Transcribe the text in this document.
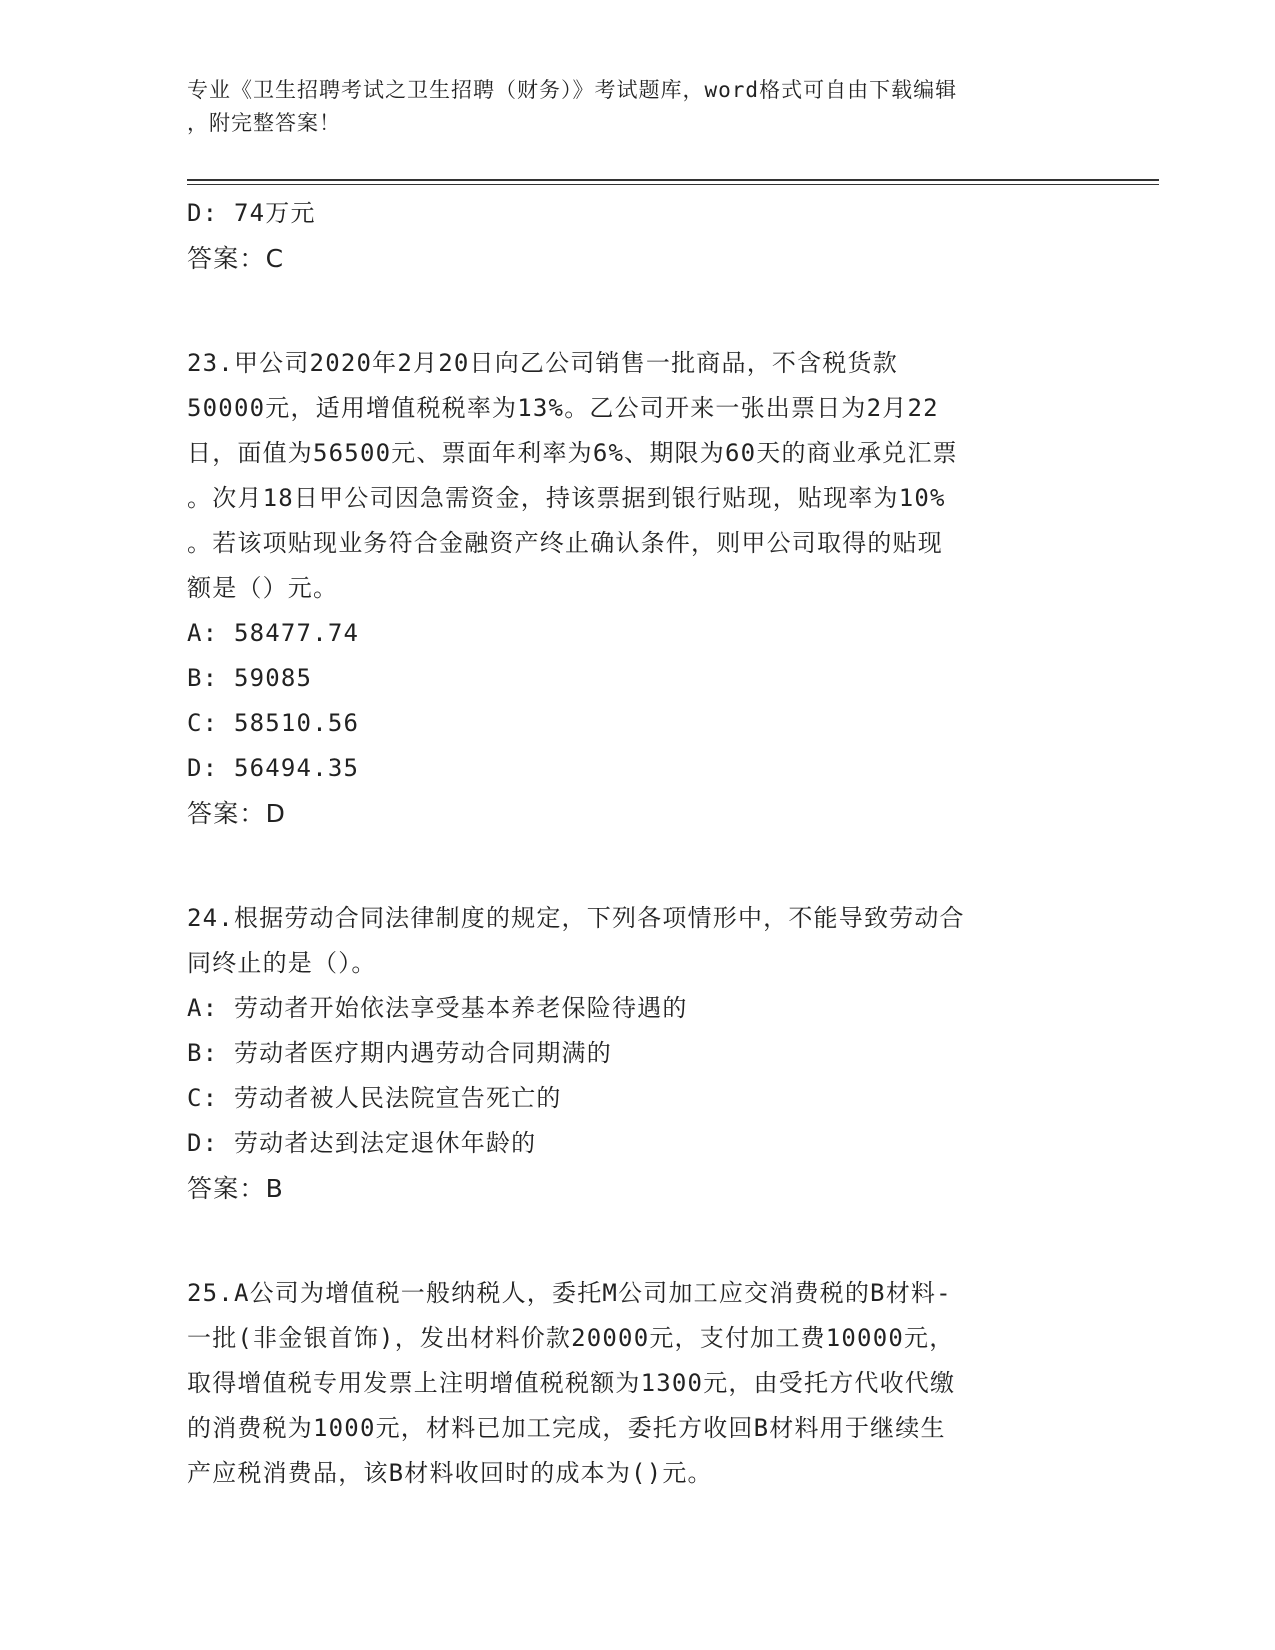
专业《卫生招聘考试之卫生招聘（财务）》考试题库，word格式可自由下载编辑
，附完整答案！
D: 74万元
答案：C
23.甲公司2020年2月20日向乙公司销售一批商品，不含税货款
50000元，适用增值税税率为13%。乙公司开来一张出票日为2月22
日，面值为56500元、票面年利率为6%、期限为60天的商业承兑汇票
。次月18日甲公司因急需资金，持该票据到银行贴现，贴现率为10%
。若该项贴现业务符合金融资产终止确认条件，则甲公司取得的贴现
额是（）元。
A: 58477.74
B: 59085
C: 58510.56
D: 56494.35
答案：D
24.根据劳动合同法律制度的规定，下列各项情形中，不能导致劳动合
同终止的是（）。
A: 劳动者开始依法享受基本养老保险待遇的
B: 劳动者医疗期内遇劳动合同期满的
C: 劳动者被人民法院宣告死亡的
D: 劳动者达到法定退休年龄的
答案：B
25.A公司为增值税一般纳税人，委托M公司加工应交消费税的B材料-
一批(非金银首饰)，发出材料价款20000元，支付加工费10000元，
取得增值税专用发票上注明增值税税额为1300元，由受托方代收代缴
的消费税为1000元，材料已加工完成，委托方收回B材料用于继续生
产应税消费品，该B材料收回时的成本为()元。
